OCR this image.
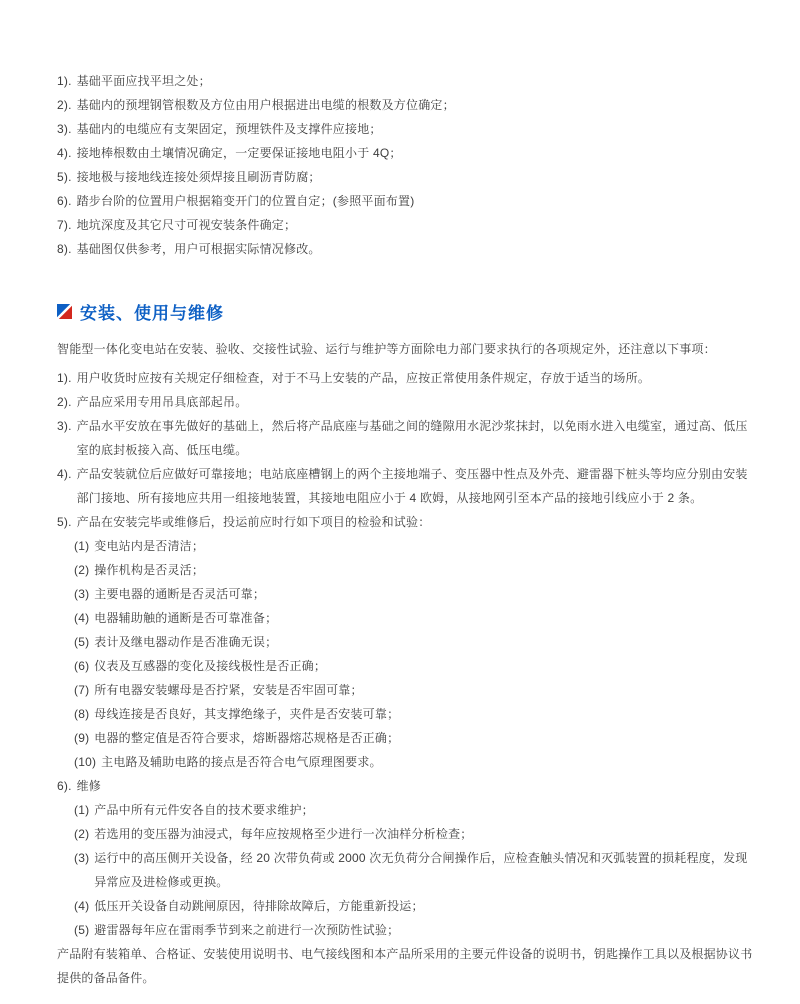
1). 基础平面应找平坦之处；
2). 基础内的预埋钢管根数及方位由用户根据进出电缆的根数及方位确定；
3). 基础内的电缆应有支架固定，预埋铁件及支撑件应接地；
4). 接地棒根数由土壤情况确定，一定要保证接地电阻小于 4Q；
5). 接地极与接地线连接处须焊接且刷沥青防腐；
6). 踏步台阶的位置用户根据箱变开门的位置自定；(参照平面布置)
7). 地坑深度及其它尺寸可视安装条件确定；
8). 基础图仅供参考，用户可根据实际情况修改。
安装、使用与维修

智能型一体化变电站在安装、验收、交接性试验、运行与维护等方面除电力部门要求执行的各项规定外，还注意以下事项：

1). 用户收货时应按有关规定仔细检查，对于不马上安装的产品，应按正常使用条件规定，存放于适当的场所。
2). 产品应采用专用吊具底部起吊。
3). 产品水平安放在事先做好的基础上，然后将产品底座与基础之间的缝隙用水泥沙浆抹封，以免雨水进入电缆室，通过高、低压室的底封板接入高、低压电缆。
4). 产品安装就位后应做好可靠接地；电站底座槽钢上的两个主接地端子、变压器中性点及外壳、避雷器下桩头等均应分别由安装部门接地、所有接地应共用一组接地装置，其接地电阻应小于 4 欧姆，从接地网引至本产品的接地引线应小于 2 条。
5). 产品在安装完毕或维修后，投运前应时行如下项目的检验和试验：
(1) 变电站内是否清洁；
(2) 操作机构是否灵活；
(3) 主要电器的通断是否灵活可靠；
(4) 电器辅助触的通断是否可靠准备；
(5) 表计及继电器动作是否准确无误；
(6) 仪表及互感器的变化及接线极性是否正确；
(7) 所有电器安装螺母是否拧紧，安装是否牢固可靠；
(8) 母线连接是否良好，其支撑绝缘子，夹件是否安装可靠；
(9) 电器的整定值是否符合要求，熔断器熔芯规格是否正确；
(10) 主电路及辅助电路的接点是否符合电气原理图要求。
6). 维修
(1) 产品中所有元件安各自的技术要求维护；
(2) 若选用的变压器为油浸式，每年应按规格至少进行一次油样分析检查；
(3) 运行中的高压侧开关设备，经 20 次带负荷或 2000 次无负荷分合闸操作后，应检查触头情况和灭弧装置的损耗程度，发现异常应及进检修或更换。
(4) 低压开关设备自动跳闸原因，待排除故障后，方能重新投运；
(5) 避雷器每年应在雷雨季节到来之前进行一次预防性试验；

产品附有装箱单、合格证、安装使用说明书、电气接线图和本产品所采用的主要元件设备的说明书，钥匙操作工具以及根据协议书提供的备品备件。
